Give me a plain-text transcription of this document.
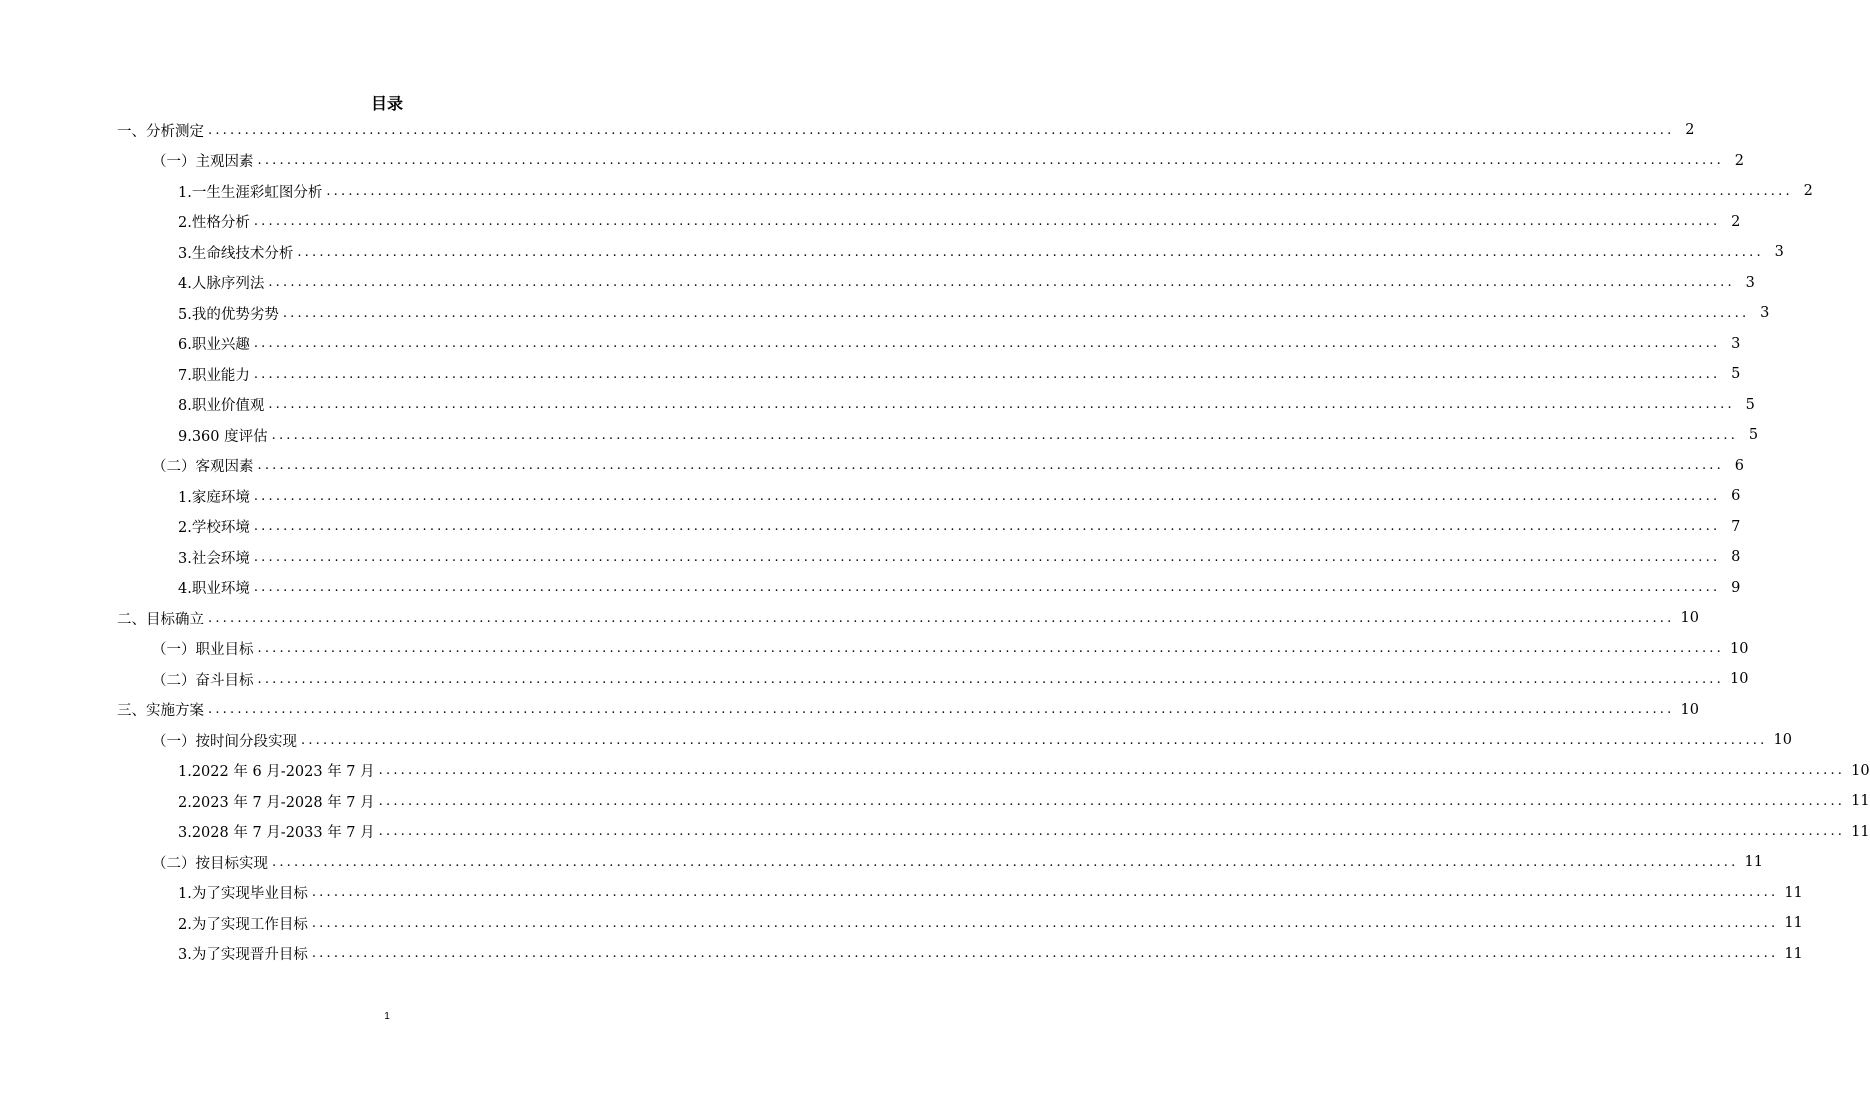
目录
一、分析测定 ........................................................................................................................................................................................................ 2
（一）主观因素 ........................................................................................................................................................................................................ 2
1.一生生涯彩虹图分析 ........................................................................................................................................................................................................ 2
2.性格分析 ........................................................................................................................................................................................................ 2
3.生命线技术分析 ........................................................................................................................................................................................................ 3
4.人脉序列法 ........................................................................................................................................................................................................ 3
5.我的优势劣势 ........................................................................................................................................................................................................ 3
6.职业兴趣 ........................................................................................................................................................................................................ 3
7.职业能力 ........................................................................................................................................................................................................ 5
8.职业价值观 ........................................................................................................................................................................................................ 5
9.360 度评估 ........................................................................................................................................................................................................ 5
（二）客观因素 ........................................................................................................................................................................................................ 6
1.家庭环境 ........................................................................................................................................................................................................ 6
2.学校环境 ........................................................................................................................................................................................................ 7
3.社会环境 ........................................................................................................................................................................................................ 8
4.职业环境 ........................................................................................................................................................................................................ 9
二、目标确立 ........................................................................................................................................................................................................ 10
（一）职业目标 ........................................................................................................................................................................................................ 10
（二）奋斗目标 ........................................................................................................................................................................................................ 10
三、实施方案 ........................................................................................................................................................................................................ 10
（一）按时间分段实现 ........................................................................................................................................................................................................ 10
1.2022 年 6 月-2023 年 7 月 ........................................................................................................................................................................................................ 10
2.2023 年 7 月-2028 年 7 月 ........................................................................................................................................................................................................ 11
3.2028 年 7 月-2033 年 7 月 ........................................................................................................................................................................................................ 11
（二）按目标实现 ........................................................................................................................................................................................................ 11
1.为了实现毕业目标 ........................................................................................................................................................................................................ 11
2.为了实现工作目标 ........................................................................................................................................................................................................ 11
3.为了实现晋升目标 ........................................................................................................................................................................................................ 11
1
